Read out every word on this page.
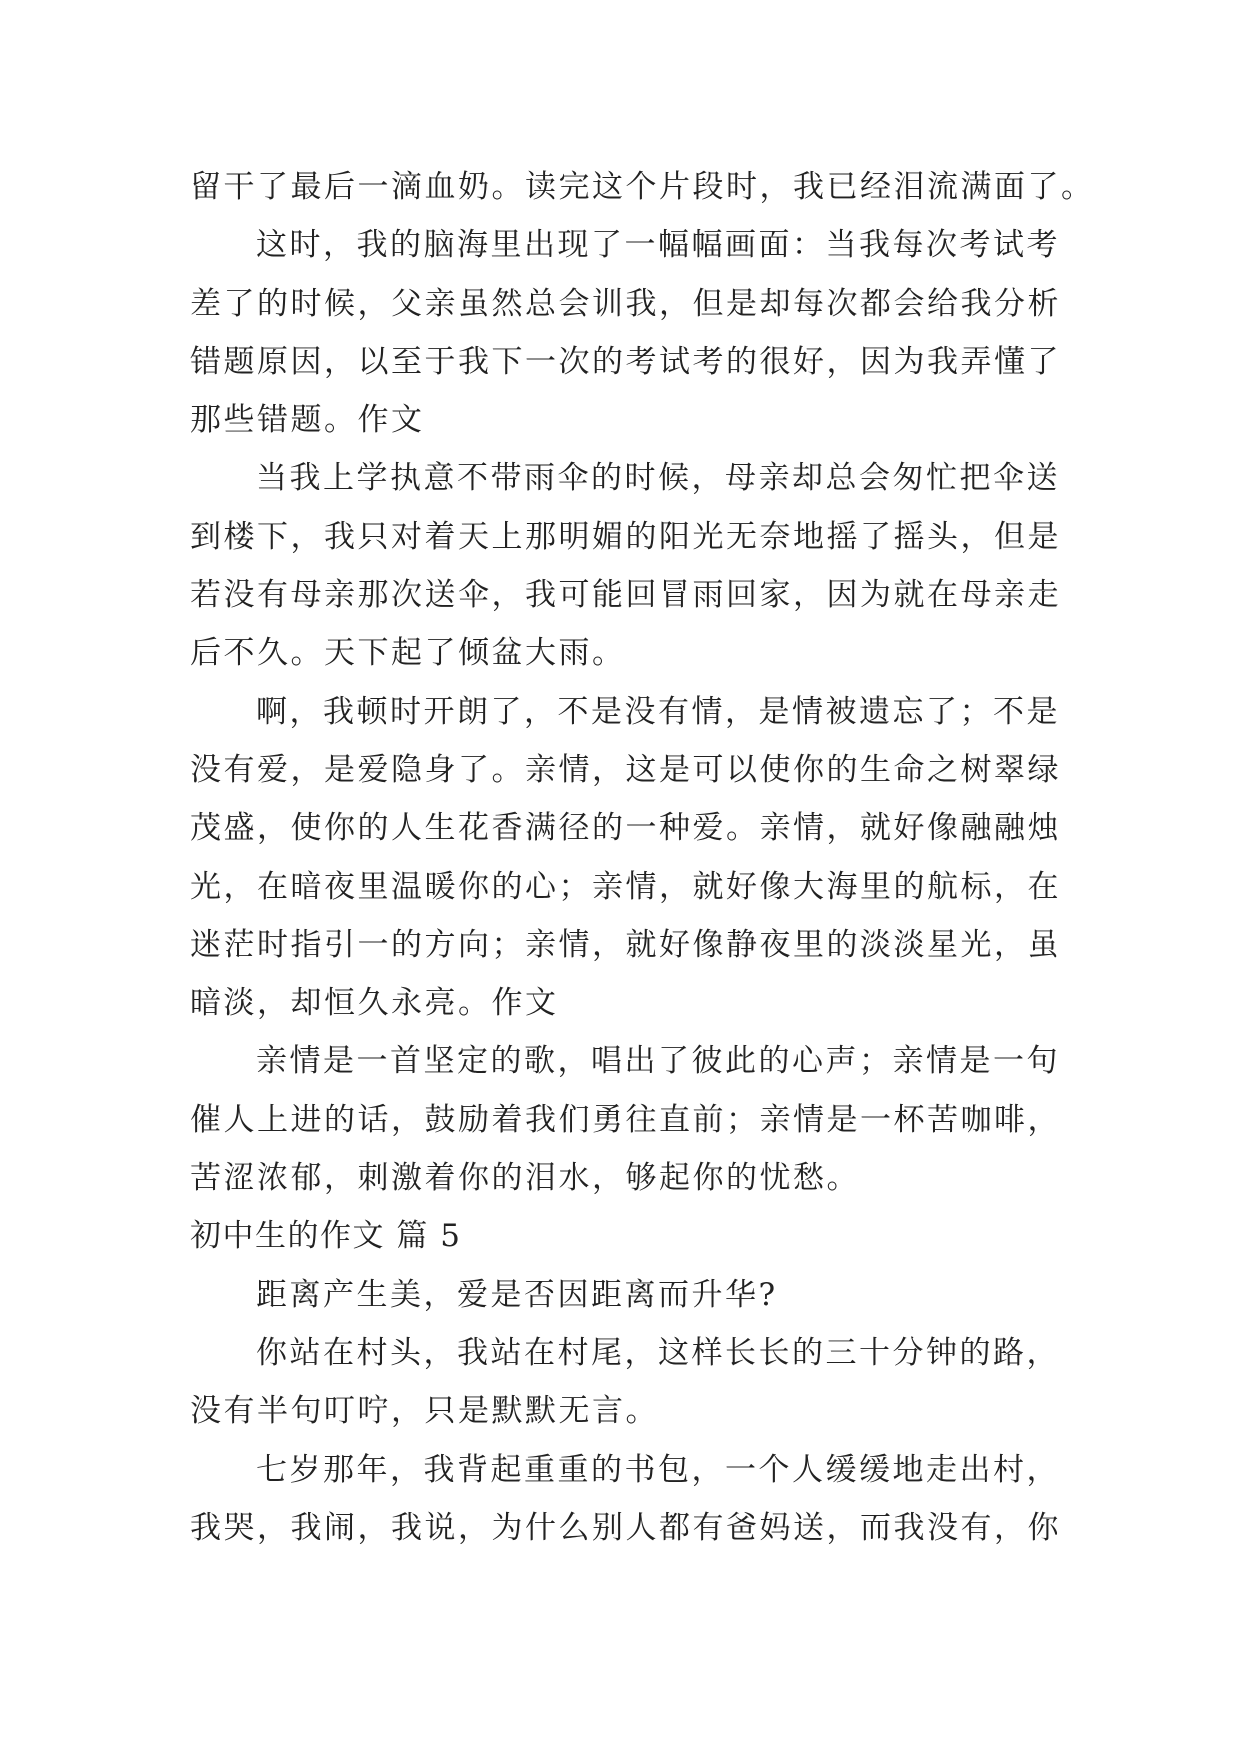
留干了最后一滴血奶。读完这个片段时，我已经泪流满面了。
这时，我的脑海里出现了一幅幅画面：当我每次考试考
差了的时候，父亲虽然总会训我，但是却每次都会给我分析
错题原因，以至于我下一次的考试考的很好，因为我弄懂了
那些错题。作文
当我上学执意不带雨伞的时候，母亲却总会匆忙把伞送
到楼下，我只对着天上那明媚的阳光无奈地摇了摇头，但是
若没有母亲那次送伞，我可能回冒雨回家，因为就在母亲走
后不久。天下起了倾盆大雨。
啊，我顿时开朗了，不是没有情，是情被遗忘了；不是
没有爱，是爱隐身了。亲情，这是可以使你的生命之树翠绿
茂盛，使你的人生花香满径的一种爱。亲情，就好像融融烛
光，在暗夜里温暖你的心；亲情，就好像大海里的航标，在
迷茫时指引一的方向；亲情，就好像静夜里的淡淡星光，虽
暗淡，却恒久永亮。作文
亲情是一首坚定的歌，唱出了彼此的心声；亲情是一句
催人上进的话，鼓励着我们勇往直前；亲情是一杯苦咖啡，
苦涩浓郁，刺激着你的泪水，够起你的忧愁。
初中生的作文 篇 5
距离产生美，爱是否因距离而升华?
你站在村头，我站在村尾，这样长长的三十分钟的路，
没有半句叮咛，只是默默无言。
七岁那年，我背起重重的书包，一个人缓缓地走出村，
我哭，我闹，我说，为什么别人都有爸妈送，而我没有，你
